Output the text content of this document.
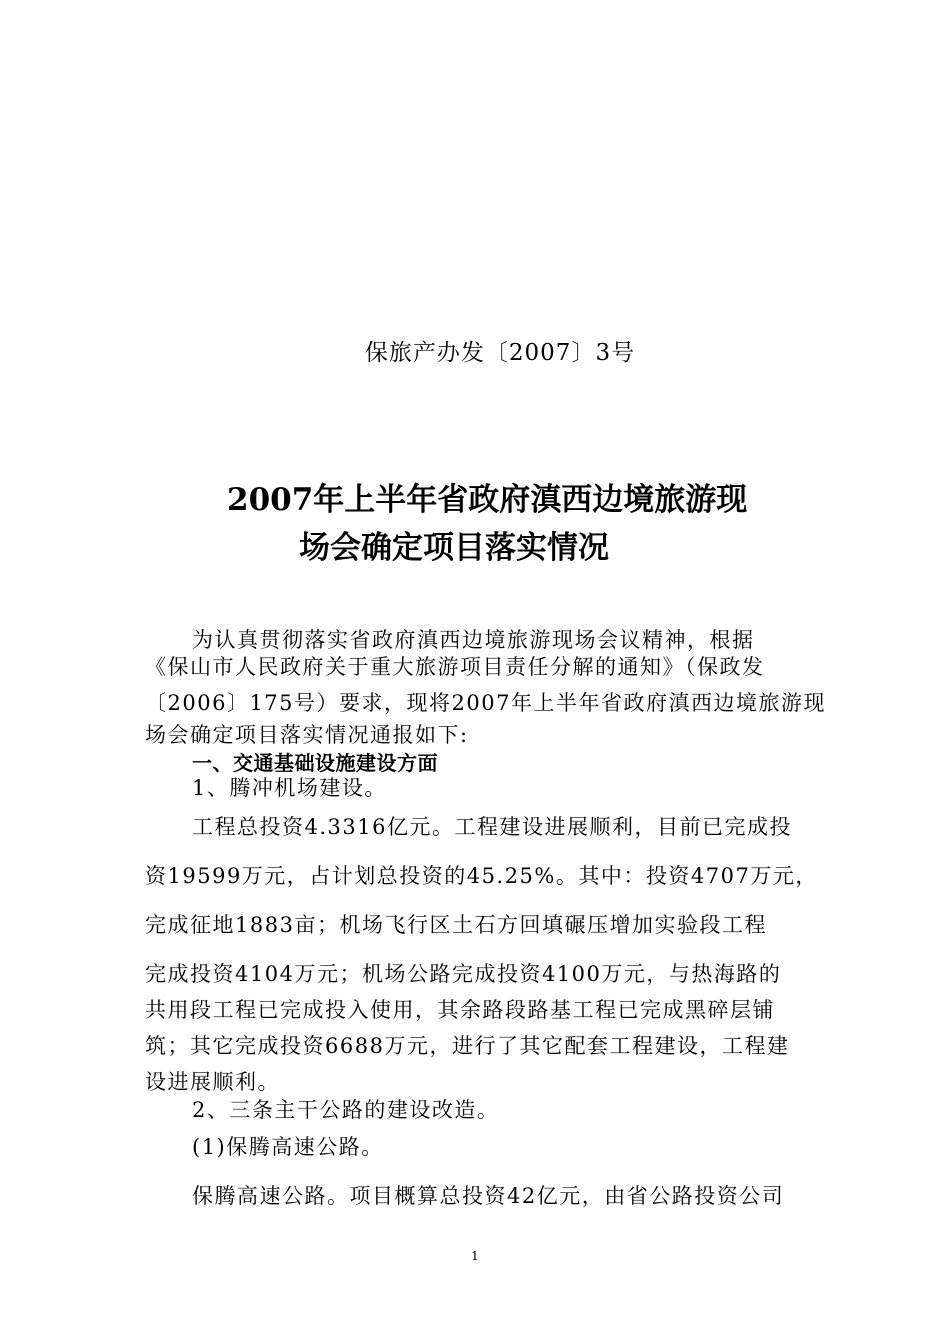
保旅产办发〔2007〕3号
2007年上半年省政府滇西边境旅游现
场会确定项目落实情况
为认真贯彻落实省政府滇西边境旅游现场会议精神，根据
《保山市人民政府关于重大旅游项目责任分解的通知》（保政发
〔2006〕175号）要求，现将2007年上半年省政府滇西边境旅游现
场会确定项目落实情况通报如下:
一、交通基础设施建设方面
1、腾冲机场建设。
工程总投资4.3316亿元。工程建设进展顺利，目前已完成投
资19599万元，占计划总投资的45.25%。其中：投资4707万元，
完成征地1883亩；机场飞行区土石方回填碾压增加实验段工程
完成投资4104万元；机场公路完成投资4100万元，与热海路的
共用段工程已完成投入使用，其余路段路基工程已完成黑碎层铺
筑；其它完成投资6688万元，进行了其它配套工程建设，工程建
设进展顺利。
2、三条主干公路的建设改造。
(1)保腾高速公路。
保腾高速公路。项目概算总投资42亿元，由省公路投资公司
1
